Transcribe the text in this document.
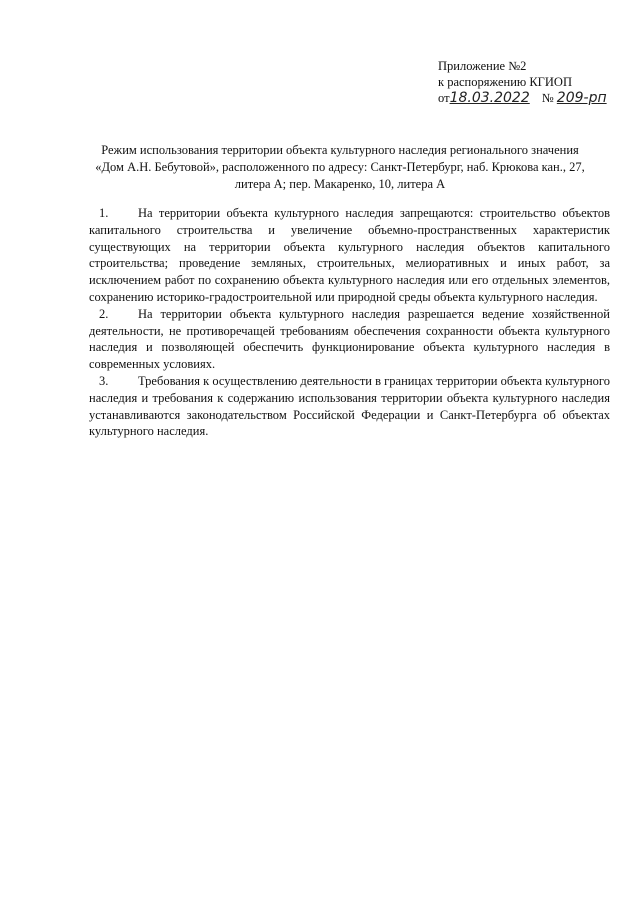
Приложение №2
к распоряжению КГИОП
от18.03.2022 № 209-рп
Режим использования территории объекта культурного наследия регионального значения
«Дом А.Н. Бебутовой», расположенного по адресу: Санкт-Петербург, наб. Крюкова кан., 27,
литера А; пер. Макаренко, 10, литера А

1. На территории объекта культурного наследия запрещаются: строительство объектов капитального строительства и увеличение объемно-пространственных характеристик существующих на территории объекта культурного наследия объектов капитального строительства; проведение земляных, строительных, мелиоративных и иных работ, за исключением работ по сохранению объекта культурного наследия или его отдельных элементов, сохранению историко-градостроительной или природной среды объекта культурного наследия.

2. На территории объекта культурного наследия разрешается ведение хозяйственной деятельности, не противоречащей требованиям обеспечения сохранности объекта культурного наследия и позволяющей обеспечить функционирование объекта культурного наследия в современных условиях.

3. Требования к осуществлению деятельности в границах территории объекта культурного наследия и требования к содержанию использования территории объекта культурного наследия устанавливаются законодательством Российской Федерации и Санкт-Петербурга об объектах культурного наследия.
